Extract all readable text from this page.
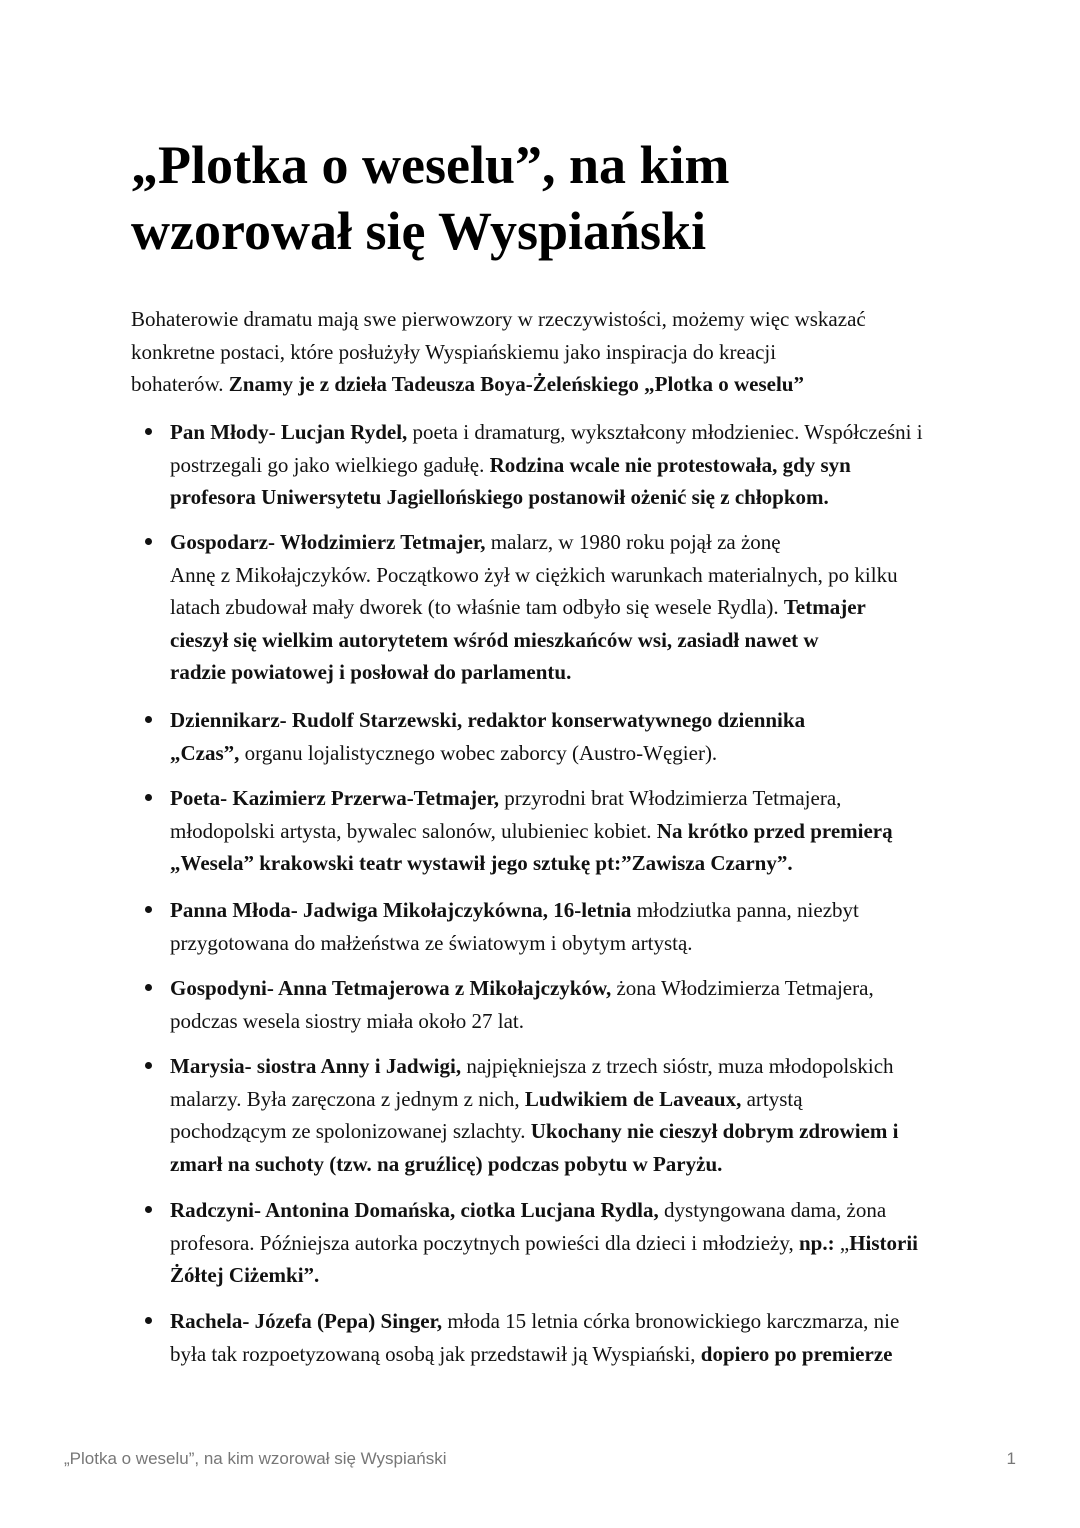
„Plotka o weselu”, na kim
wzorował się Wyspiański

Bohaterowie dramatu mają swe pierwowzory w rzeczywistości, możemy więc wskazać
konkretne postaci, które posłużyły Wyspiańskiemu jako inspiracja do kreacji
bohaterów. Znamy je z dzieła Tadeusza Boya-Żeleńskiego „Plotka o weselu”

Pan Młody- Lucjan Rydel, poeta i dramaturg, wykształcony młodzieniec. Współcześni i
postrzegali go jako wielkiego gadułę. Rodzina wcale nie protestowała, gdy syn
profesora Uniwersytetu Jagiellońskiego postanowił ożenić się z chłopkom.
Gospodarz- Włodzimierz Tetmajer, malarz, w 1980 roku pojął za żonę
Annę z Mikołajczyków. Początkowo żył w ciężkich warunkach materialnych, po kilku
latach zbudował mały dworek (to właśnie tam odbyło się wesele Rydla). Tetmajer
cieszył się wielkim autorytetem wśród mieszkańców wsi, zasiadł nawet w
radzie powiatowej i posłował do parlamentu.
Dziennikarz- Rudolf Starzewski, redaktor konserwatywnego dziennika
„Czas”, organu lojalistycznego wobec zaborcy (Austro-Węgier).
Poeta- Kazimierz Przerwa-Tetmajer, przyrodni brat Włodzimierza Tetmajera,
młodopolski artysta, bywalec salonów, ulubieniec kobiet. Na krótko przed premierą
„Wesela” krakowski teatr wystawił jego sztukę pt:”Zawisza Czarny”.
Panna Młoda- Jadwiga Mikołajczykówna, 16-letnia młodziutka panna, niezbyt
przygotowana do małżeństwa ze światowym i obytym artystą.
Gospodyni- Anna Tetmajerowa z Mikołajczyków, żona Włodzimierza Tetmajera,
podczas wesela siostry miała około 27 lat.
Marysia- siostra Anny i Jadwigi, najpiękniejsza z trzech sióstr, muza młodopolskich
malarzy. Była zaręczona z jednym z nich, Ludwikiem de Laveaux, artystą
pochodzącym ze spolonizowanej szlachty. Ukochany nie cieszył dobrym zdrowiem i
zmarł na suchoty (tzw. na gruźlicę) podczas pobytu w Paryżu.
Radczyni- Antonina Domańska, ciotka Lucjana Rydla, dystyngowana dama, żona
profesora. Późniejsza autorka poczytnych powieści dla dzieci i młodzieży, np.: „Historii
Żółtej Ciżemki”.
Rachela- Józefa (Pepa) Singer, młoda 15 letnia córka bronowickiego karczmarza, nie
była tak rozpoetyzowaną osobą jak przedstawił ją Wyspiański, dopiero po premierze
„Plotka o weselu”, na kim wzorował się Wyspiański	1
